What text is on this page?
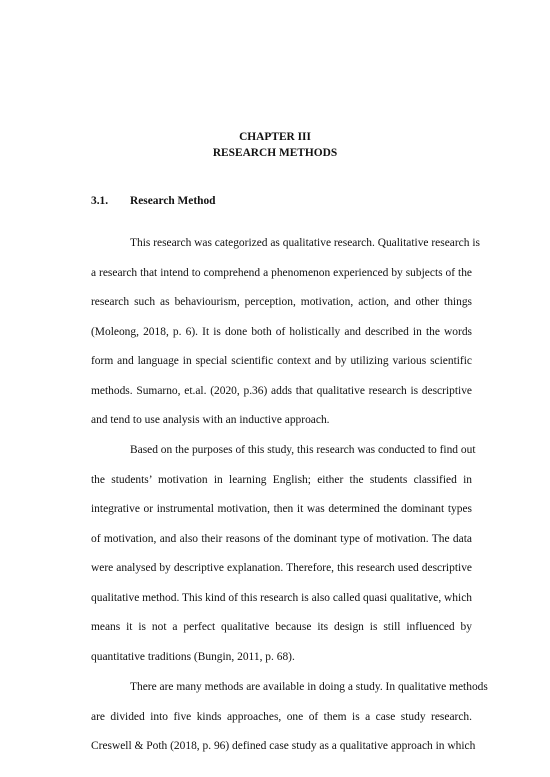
CHAPTER III
RESEARCH METHODS
3.1. Research Method
This research was categorized as qualitative research. Qualitative research is
a research that intend to comprehend a phenomenon experienced by subjects of the
research such as behaviourism, perception, motivation, action, and other things
(Moleong, 2018, p. 6). It is done both of holistically and described in the words
form and language in special scientific context and by utilizing various scientific
methods. Sumarno, et.al. (2020, p.36) adds that qualitative research is descriptive
and tend to use analysis with an inductive approach.
Based on the purposes of this study, this research was conducted to find out
the students’ motivation in learning English; either the students classified in
integrative or instrumental motivation, then it was determined the dominant types
of motivation, and also their reasons of the dominant type of motivation. The data
were analysed by descriptive explanation. Therefore, this research used descriptive
qualitative method. This kind of this research is also called quasi qualitative, which
means it is not a perfect qualitative because its design is still influenced by
quantitative traditions (Bungin, 2011, p. 68).
There are many methods are available in doing a study. In qualitative methods
are divided into five kinds approaches, one of them is a case study research.
Creswell & Poth (2018, p. 96) defined case study as a qualitative approach in which
